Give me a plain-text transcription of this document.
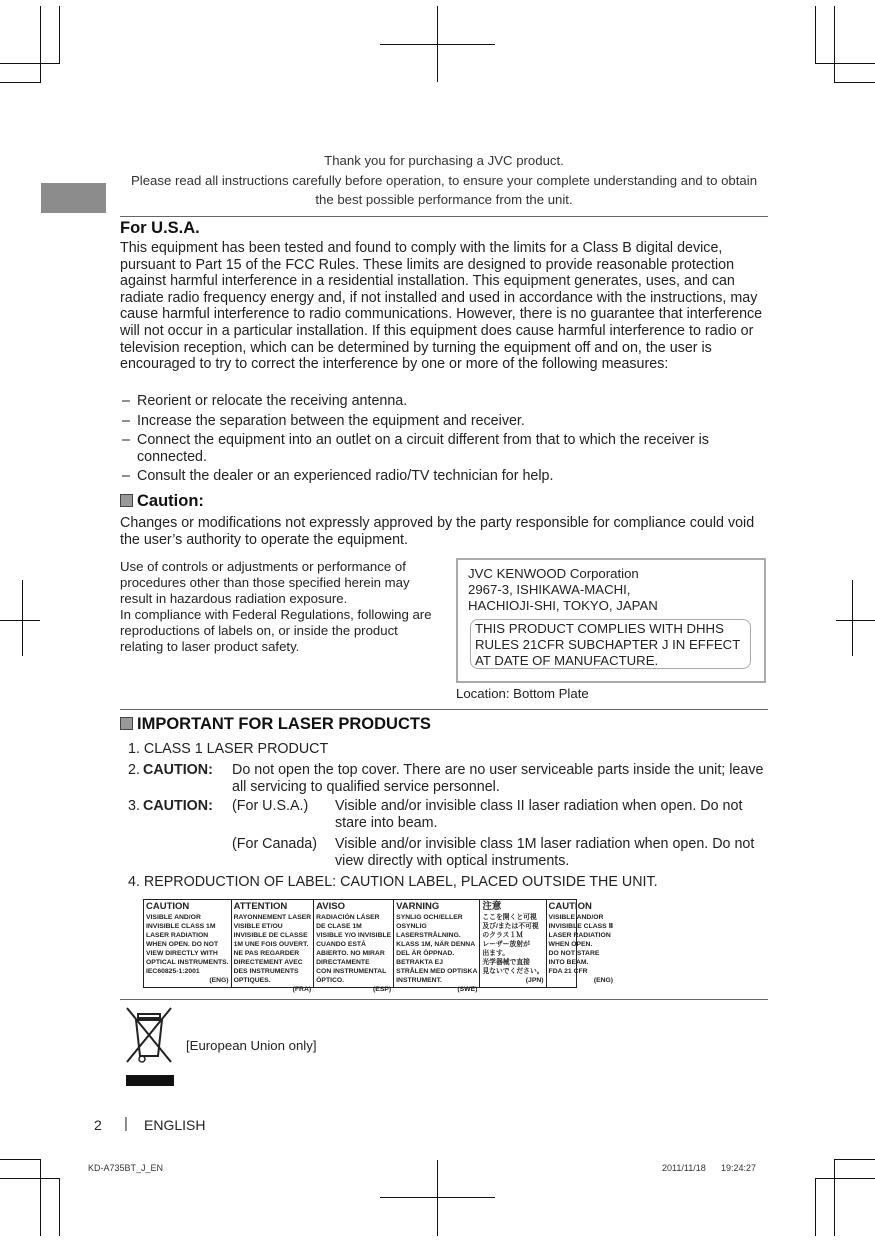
Thank you for purchasing a JVC product.
Please read all instructions carefully before operation, to ensure your complete understanding and to obtain the best possible performance from the unit.
For U.S.A.
This equipment has been tested and found to comply with the limits for a Class B digital device, pursuant to Part 15 of the FCC Rules. These limits are designed to provide reasonable protection against harmful interference in a residential installation. This equipment generates, uses, and can radiate radio frequency energy and, if not installed and used in accordance with the instructions, may cause harmful interference to radio communications. However, there is no guarantee that interference will not occur in a particular installation. If this equipment does cause harmful interference to radio or television reception, which can be determined by turning the equipment off and on, the user is encouraged to try to correct the interference by one or more of the following measures:
– Reorient or relocate the receiving antenna.
– Increase the separation between the equipment and receiver.
– Connect the equipment into an outlet on a circuit different from that to which the receiver is connected.
– Consult the dealer or an experienced radio/TV technician for help.
Caution:
Changes or modifications not expressly approved by the party responsible for compliance could void the user’s authority to operate the equipment.
Use of controls or adjustments or performance of procedures other than those specified herein may result in hazardous radiation exposure.
In compliance with Federal Regulations, following are reproductions of labels on, or inside the product relating to laser product safety.
JVC KENWOOD Corporation
2967-3, ISHIKAWA-MACHI,
HACHIOJI-SHI, TOKYO, JAPAN
THIS PRODUCT COMPLIES WITH DHHS RULES 21CFR SUBCHAPTER J IN EFFECT AT DATE OF MANUFACTURE.
Location: Bottom Plate
IMPORTANT FOR LASER PRODUCTS
1. CLASS 1 LASER PRODUCT
2. CAUTION: Do not open the top cover. There are no user serviceable parts inside the unit; leave all servicing to qualified service personnel.
3. CAUTION: (For U.S.A.) Visible and/or invisible class II laser radiation when open. Do not stare into beam.
(For Canada) Visible and/or invisible class 1M laser radiation when open. Do not view directly with optical instruments.
4. REPRODUCTION OF LABEL: CAUTION LABEL, PLACED OUTSIDE THE UNIT.
CAUTION
VISIBLE AND/OR
INVISIBLE CLASS 1M
LASER RADIATION
WHEN OPEN. DO NOT
VIEW DIRECTLY WITH
OPTICAL INSTRUMENTS.
IEC60825-1:2001
(ENG)
ATTENTION
RAYONNEMENT LASER
VISIBLE ET/OU
INVISIBLE DE CLASSE
1M UNE FOIS OUVERT.
NE PAS REGARDER
DIRECTEMENT AVEC
DES INSTRUMENTS
OPTIQUES.
(FRA)
AVISO
RADIACIÓN LÁSER
DE CLASE 1M
VISIBLE Y/O INVISIBLE
CUANDO ESTÁ
ABIERTO. NO MIRAR
DIRECTAMENTE
CON INSTRUMENTAL
ÓPTICO.
(ESP)
VARNING
SYNLIG OCH/ELLER
OSYNLIG
LASERSTRÅLNING.
KLASS 1M, NÄR DENNA
DEL ÄR ÖPPNAD.
BETRAKTA EJ
STRÅLEN MED OPTISKA
INSTRUMENT.
(SWE)
注意
ここを開くと可視
及び/または不可視
のクラス１Ｍ
レーザー放射が
出ます。
光学器械で直接
見ないでください。
(JPN)
CAUTION
VISIBLE AND/OR
INVISIBLE CLASS Ⅱ
LASER RADIATION
WHEN OPEN.
DO NOT STARE
INTO BEAM.
FDA 21 CFR
(ENG)
[European Union only]
2 | ENGLISH
KD-A735BT_J_EN	2011/11/18 19:24:27
